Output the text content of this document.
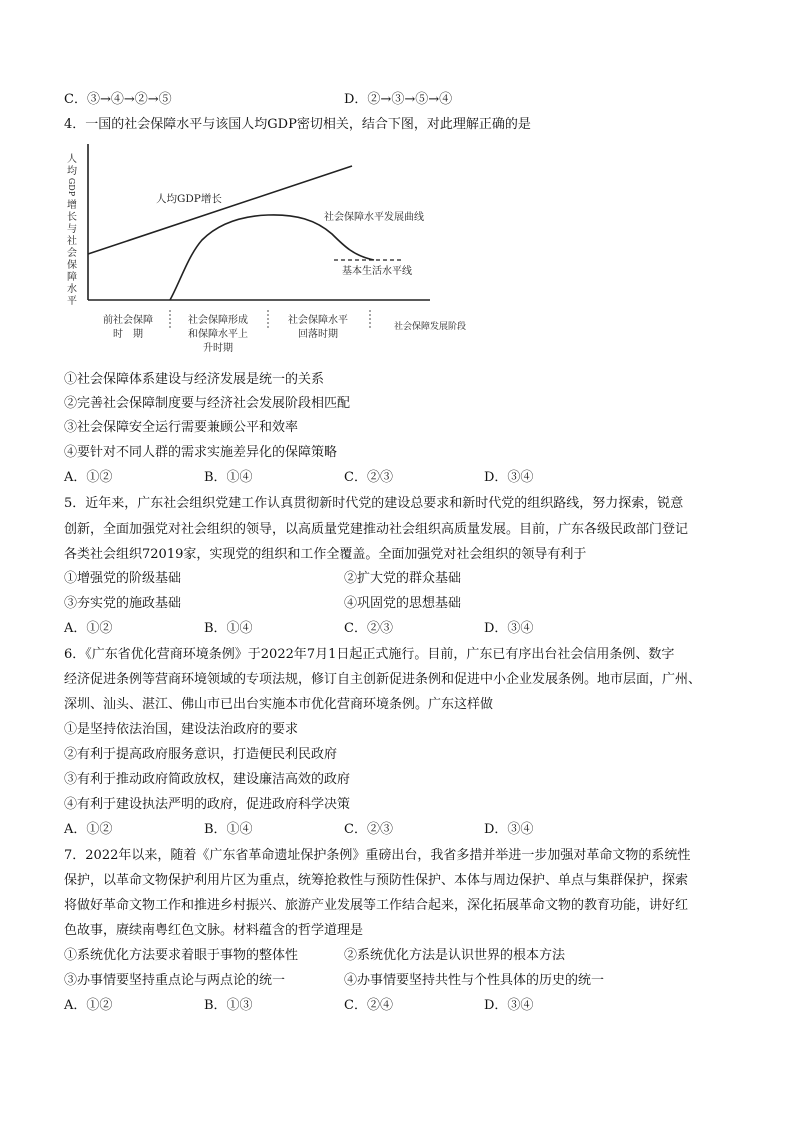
C．③→④→②→⑤	D．②→③→⑤→④
4．一国的社会保障水平与该国人均GDP密切相关，结合下图，对此理解正确的是
人
均
GDP
增
长
与
社
会
保
障
水
平
人均GDP增长
社会保障水平发展曲线
基本生活水平线
前社会保障
时　期
社会保障形成
和保障水平上
升时期
社会保障水平
回落时期
社会保障发展阶段
①社会保障体系建设与经济发展是统一的关系
②完善社会保障制度要与经济社会发展阶段相匹配
③社会保障安全运行需要兼顾公平和效率
④要针对不同人群的需求实施差异化的保障策略
A．①②	B．①④	C．②③	D．③④
5．近年来，广东社会组织党建工作认真贯彻新时代党的建设总要求和新时代党的组织路线，努力探索，锐意
创新，全面加强党对社会组织的领导，以高质量党建推动社会组织高质量发展。目前，广东各级民政部门登记
各类社会组织72019家，实现党的组织和工作全覆盖。全面加强党对社会组织的领导有利于
①增强党的阶级基础	②扩大党的群众基础
③夯实党的施政基础	④巩固党的思想基础
A．①②	B．①④	C．②③	D．③④
6．《广东省优化营商环境条例》于2022年7月1日起正式施行。目前，广东已有序出台社会信用条例、数字
经济促进条例等营商环境领域的专项法规，修订自主创新促进条例和促进中小企业发展条例。地市层面，广州、
深圳、汕头、湛江、佛山市已出台实施本市优化营商环境条例。广东这样做
①是坚持依法治国，建设法治政府的要求
②有利于提高政府服务意识，打造便民利民政府
③有利于推动政府简政放权，建设廉洁高效的政府
④有利于建设执法严明的政府，促进政府科学决策
A．①②	B．①④	C．②③	D．③④
7．2022年以来，随着《广东省革命遗址保护条例》重磅出台，我省多措并举进一步加强对革命文物的系统性
保护，以革命文物保护利用片区为重点，统筹抢救性与预防性保护、本体与周边保护、单点与集群保护，探索
将做好革命文物工作和推进乡村振兴、旅游产业发展等工作结合起来，深化拓展革命文物的教育功能，讲好红
色故事，赓续南粤红色文脉。材料蕴含的哲学道理是
①系统优化方法要求着眼于事物的整体性	②系统优化方法是认识世界的根本方法
③办事情要坚持重点论与两点论的统一	④办事情要坚持共性与个性具体的历史的统一
A．①②	B．①③	C．②④	D．③④
